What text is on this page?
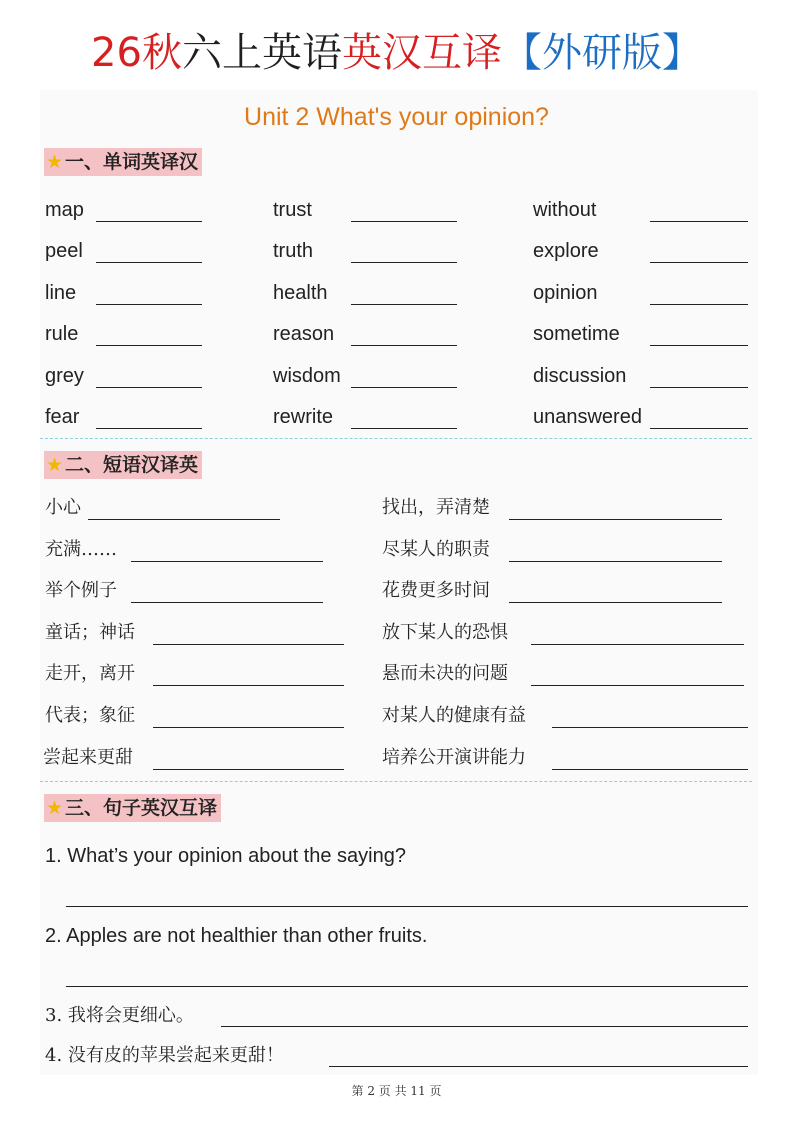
26秋六上英语英汉互译【外研版】
Unit 2 What's your opinion?
★ 一、单词英译汉
map	trust	without
peel	truth	explore
line	health	opinion
rule	reason	sometime
grey	wisdom	discussion
fear	rewrite	unanswered
★ 二、短语汉译英
小心	找出，弄清楚
充满……	尽某人的职责
举个例子	花费更多时间
童话；神话	放下某人的恐惧
走开，离开	悬而未决的问题
代表；象征	对某人的健康有益
尝起来更甜	培养公开演讲能力
★ 三、句子英汉互译
1. What’s your opinion about the saying?
2. Apples are not healthier than other fruits.
3. 我将会更细心。
4. 没有皮的苹果尝起来更甜！
第 2 页 共 11 页
